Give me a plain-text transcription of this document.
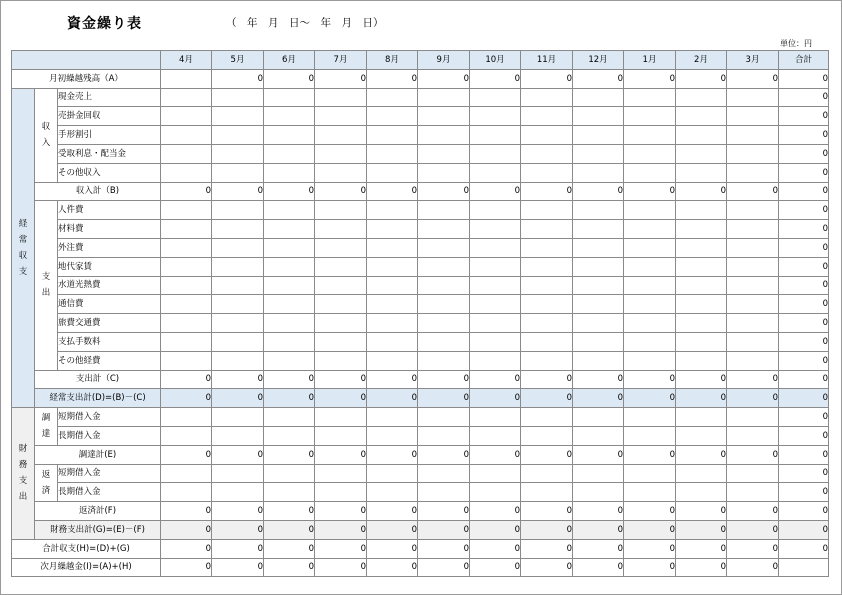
資金繰り表	（　年　月　日～　年　月　日）
単位：円
			4月	5月	6月	7月	8月	9月	10月	11月	12月	1月	2月	3月	合計
月初繰越残高（A）				0	0	0	0	0	0	0	0	0	0	0	0
経常収支	収入	現金売上													0
		売掛金回収													0
		手形割引													0
		受取利息・配当金													0
		その他収入													0
	収入計（B)		0	0	0	0	0	0	0	0	0	0	0	0	0
	支出	人件費													0
		材料費													0
		外注費													0
		地代家賃													0
		水道光熱費													0
		通信費													0
		旅費交通費													0
		支払手数料													0
		その他経費													0
	支出計（C)		0	0	0	0	0	0	0	0	0	0	0	0	0
	経常支出計(D)=(B)－(C)		0	0	0	0	0	0	0	0	0	0	0	0	0
財務支出	調達	短期借入金													0
		長期借入金													0
	調達計(E)		0	0	0	0	0	0	0	0	0	0	0	0	0
	返済	短期借入金													0
		長期借入金													0
	返済計(F)		0	0	0	0	0	0	0	0	0	0	0	0	0
	財務支出計(G)=(E)－(F)		0	0	0	0	0	0	0	0	0	0	0	0	0
合計収支(H)=(D)+(G)			0	0	0	0	0	0	0	0	0	0	0	0	0
次月繰越金(I)=(A)+(H)			0	0	0	0	0	0	0	0	0	0	0	0	
